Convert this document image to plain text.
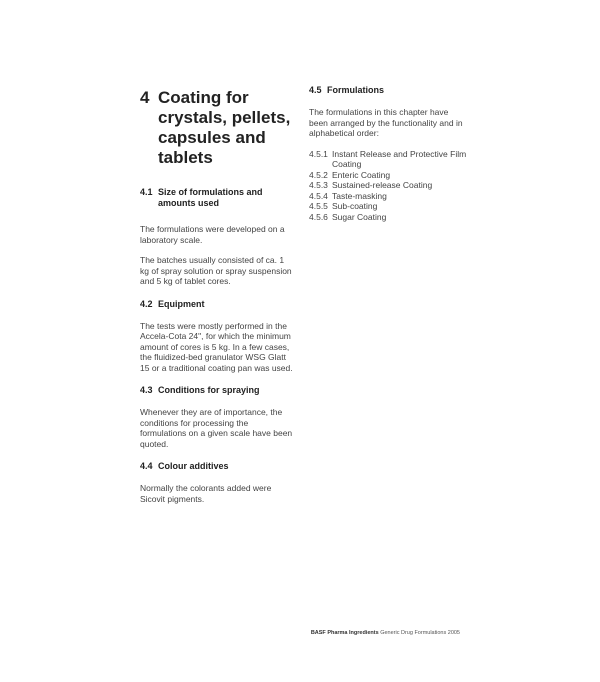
4 Coating for crystals, pellets, capsules and tablets
4.1 Size of formulations and amounts used

The formulations were developed on a laboratory scale.

The batches usually consisted of ca. 1 kg of spray solution or spray suspension and 5 kg of tablet cores.

4.2 Equipment

The tests were mostly performed in the Accela-Cota 24", for which the minimum amount of cores is 5 kg. In a few cases, the fluidized-bed granulator WSG Glatt 15 or a traditional coating pan was used.

4.3 Conditions for spraying

Whenever they are of importance, the conditions for processing the formulations on a given scale have been quoted.

4.4 Colour additives

Normally the colorants added were Sicovit pigments.

4.5 Formulations

The formulations in this chapter have been arranged by the functionality and in alphabetical order:

4.5.1 Instant Release and Protective Film Coating
4.5.2 Enteric Coating
4.5.3 Sustained-release Coating
4.5.4 Taste-masking
4.5.5 Sub-coating
4.5.6 Sugar Coating
BASF Pharma Ingredients Generic Drug Formulations 2005
